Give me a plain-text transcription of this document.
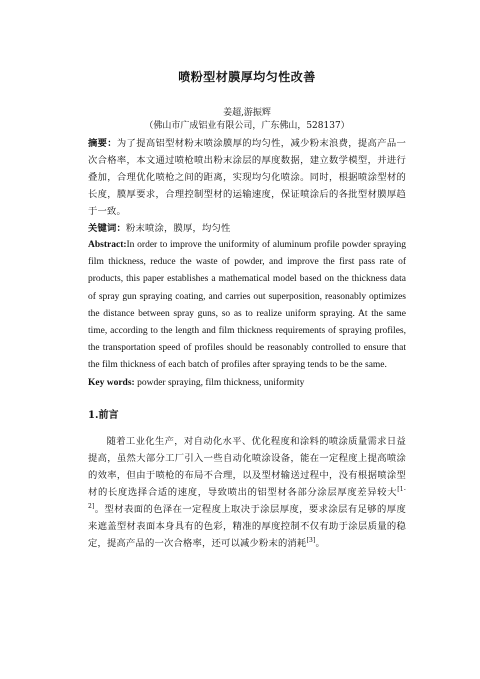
喷粉型材膜厚均匀性改善
姜超,游振辉
（佛山市广成铝业有限公司，广东佛山，528137）

摘要：为了提高铝型材粉末喷涂膜厚的均匀性，减少粉末浪费，提高产品一次合格率，本文通过喷枪喷出粉末涂层的厚度数据，建立数学模型，并进行叠加，合理优化喷枪之间的距离，实现均匀化喷涂。同时，根据喷涂型材的长度，膜厚要求，合理控制型材的运输速度，保证喷涂后的各批型材膜厚趋于一致。

关键词：粉末喷涂，膜厚，均匀性

Abstract:In order to improve the uniformity of aluminum profile powder spraying film thickness, reduce the waste of powder, and improve the first pass rate of products, this paper establishes a mathematical model based on the thickness data of spray gun spraying coating, and carries out superposition, reasonably optimizes the distance between spray guns, so as to realize uniform spraying. At the same time, according to the length and film thickness requirements of spraying profiles, the transportation speed of profiles should be reasonably controlled to ensure that the film thickness of each batch of profiles after spraying tends to be the same.

Key words: powder spraying, film thickness, uniformity

1.前言

随着工业化生产，对自动化水平、优化程度和涂料的喷涂质量需求日益提高，虽然大部分工厂引入一些自动化喷涂设备，能在一定程度上提高喷涂的效率，但由于喷枪的布局不合理，以及型材输送过程中，没有根据喷涂型材的长度选择合适的速度，导致喷出的铝型材各部分涂层厚度差异较大[1-2]。型材表面的色泽在一定程度上取决于涂层厚度，要求涂层有足够的厚度来遮盖型材表面本身具有的色彩，精准的厚度控制不仅有助于涂层质量的稳定，提高产品的一次合格率，还可以减少粉末的消耗[3]。
